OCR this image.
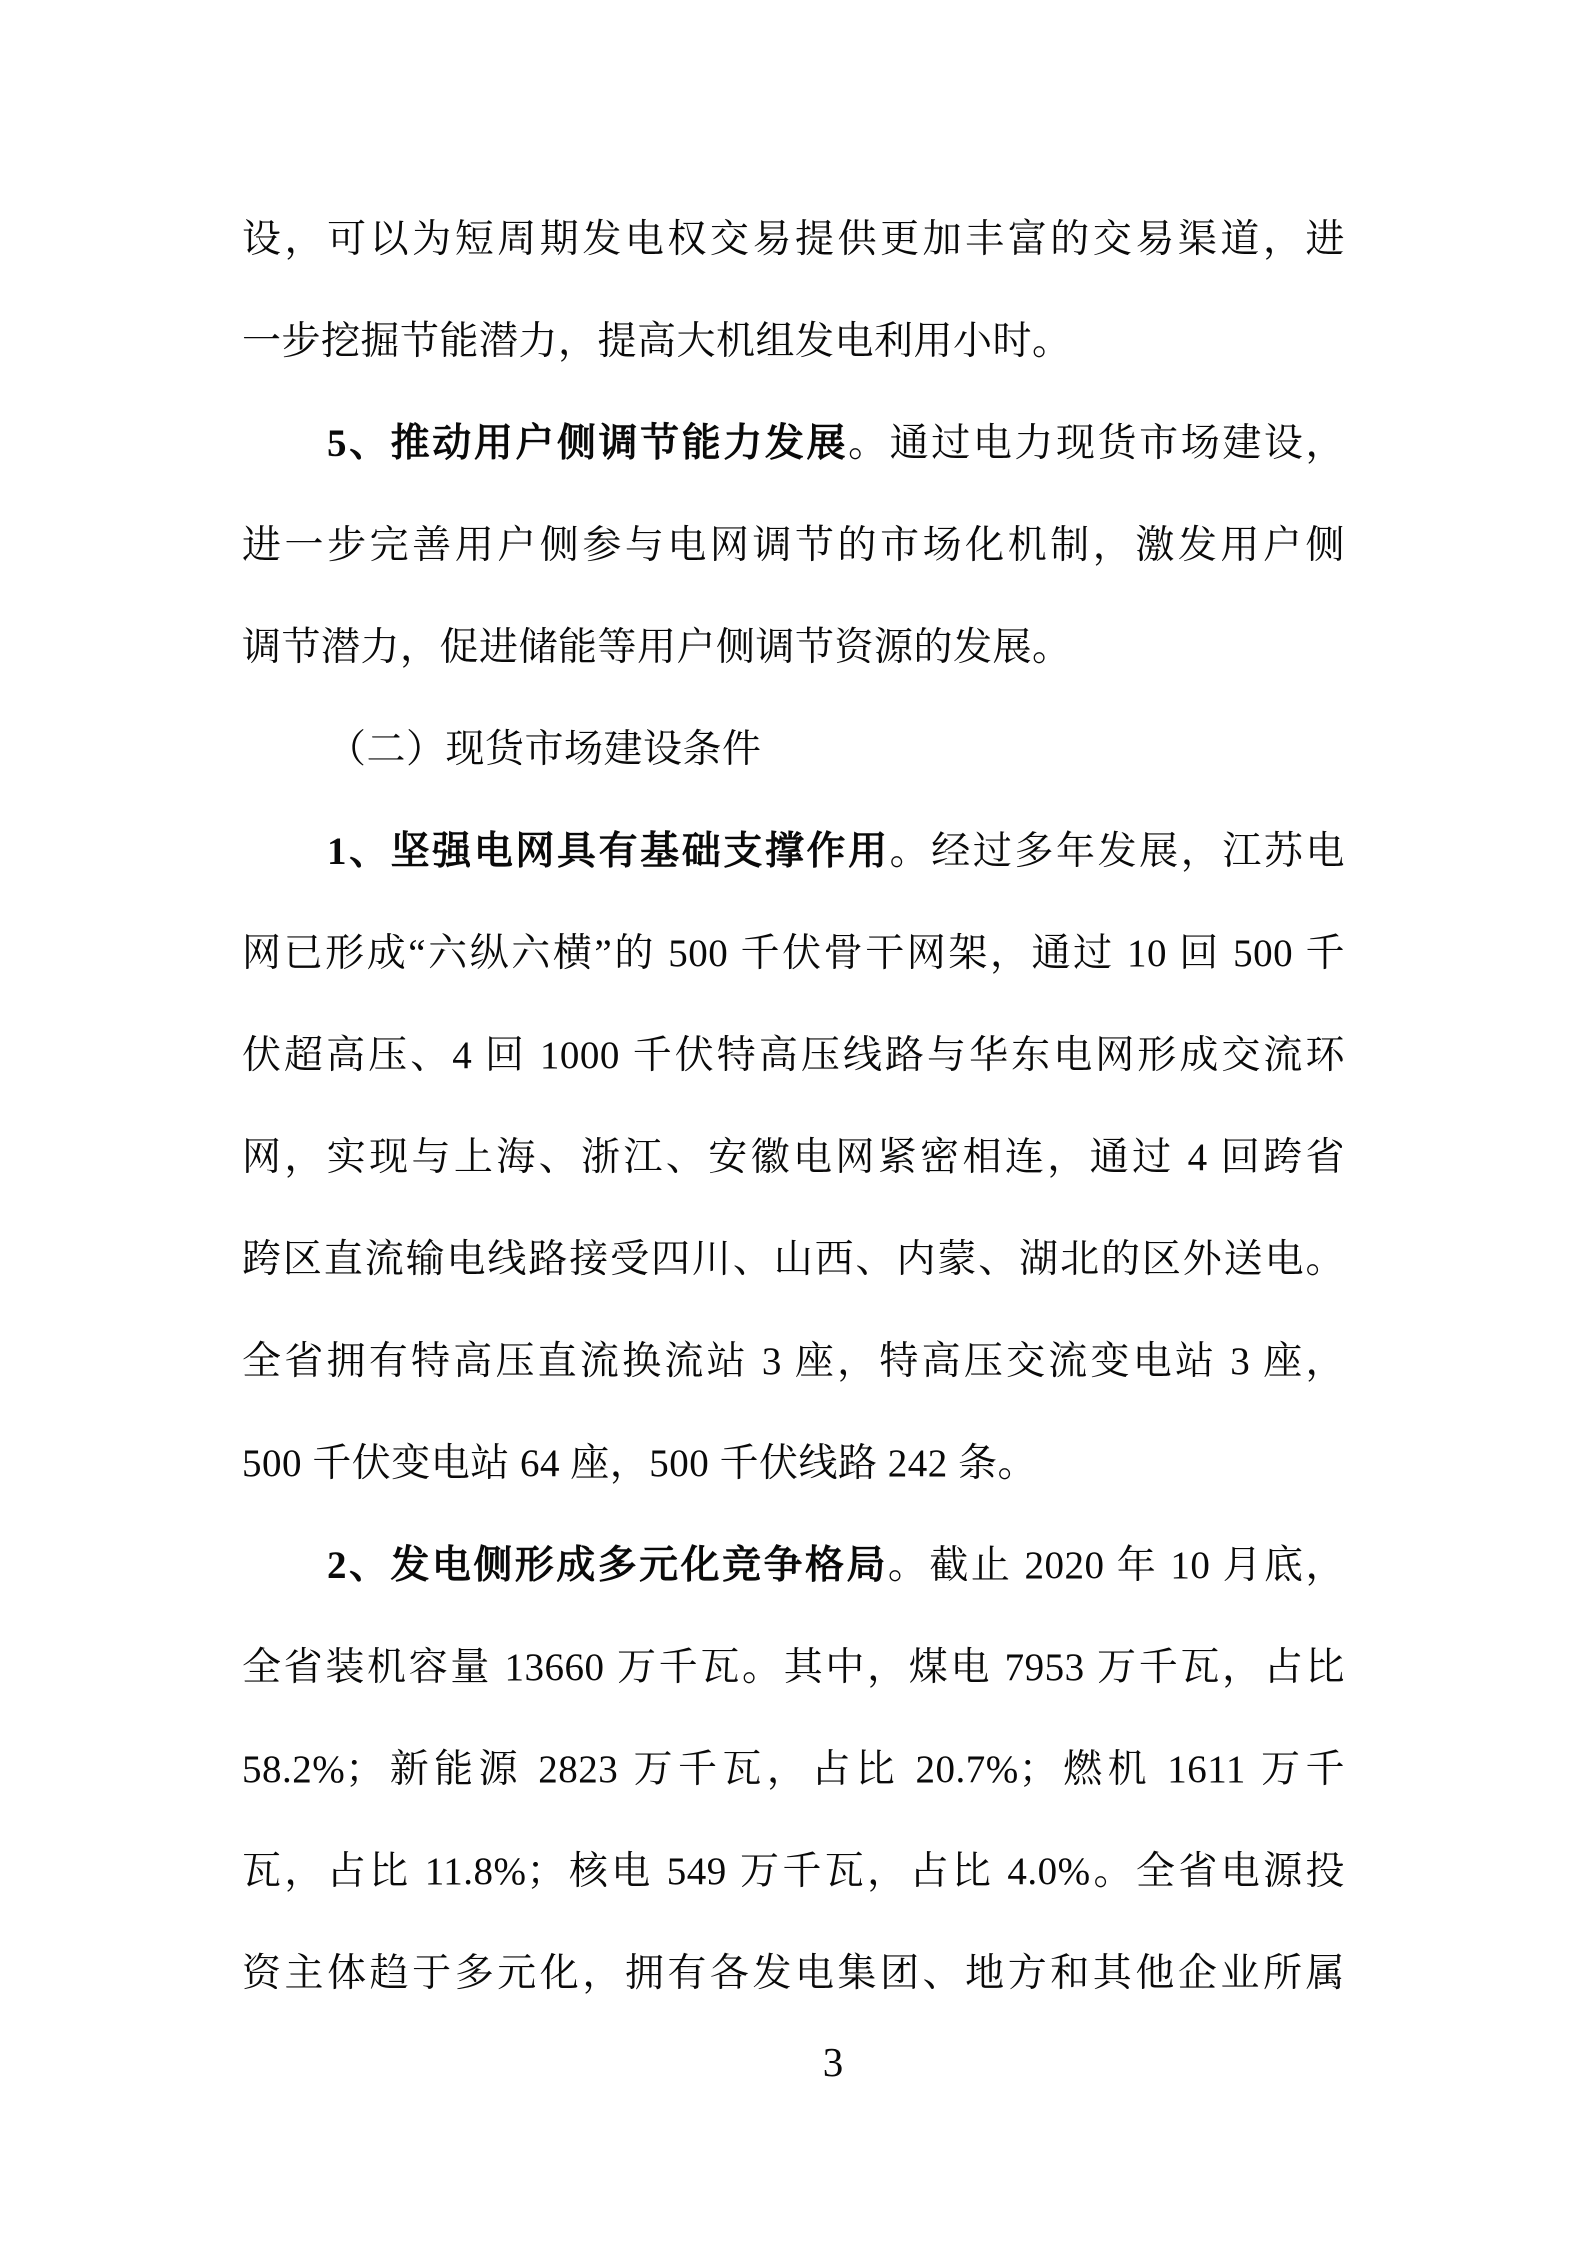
设，可以为短周期发电权交易提供更加丰富的交易渠道，进
一步挖掘节能潜力，提高大机组发电利用小时。
5、推动用户侧调节能力发展。通过电力现货市场建设，
进一步完善用户侧参与电网调节的市场化机制，激发用户侧
调节潜力，促进储能等用户侧调节资源的发展。
（二）现货市场建设条件
1、坚强电网具有基础支撑作用。经过多年发展，江苏电
网已形成“六纵六横”的 500 千伏骨干网架，通过 10 回 500 千
伏超高压、4 回 1000 千伏特高压线路与华东电网形成交流环
网，实现与上海、浙江、安徽电网紧密相连，通过 4 回跨省
跨区直流输电线路接受四川、山西、内蒙、湖北的区外送电。
全省拥有特高压直流换流站 3 座，特高压交流变电站 3 座，
500 千伏变电站 64 座，500 千伏线路 242 条。
2、发电侧形成多元化竞争格局。截止 2020 年 10 月底，
全省装机容量 13660 万千瓦。其中，煤电 7953 万千瓦，占比
58.2%；新能源 2823 万千瓦，占比 20.7%；燃机 1611 万千
瓦，占比 11.8%；核电 549 万千瓦，占比 4.0%。全省电源投
资主体趋于多元化，拥有各发电集团、地方和其他企业所属
3
